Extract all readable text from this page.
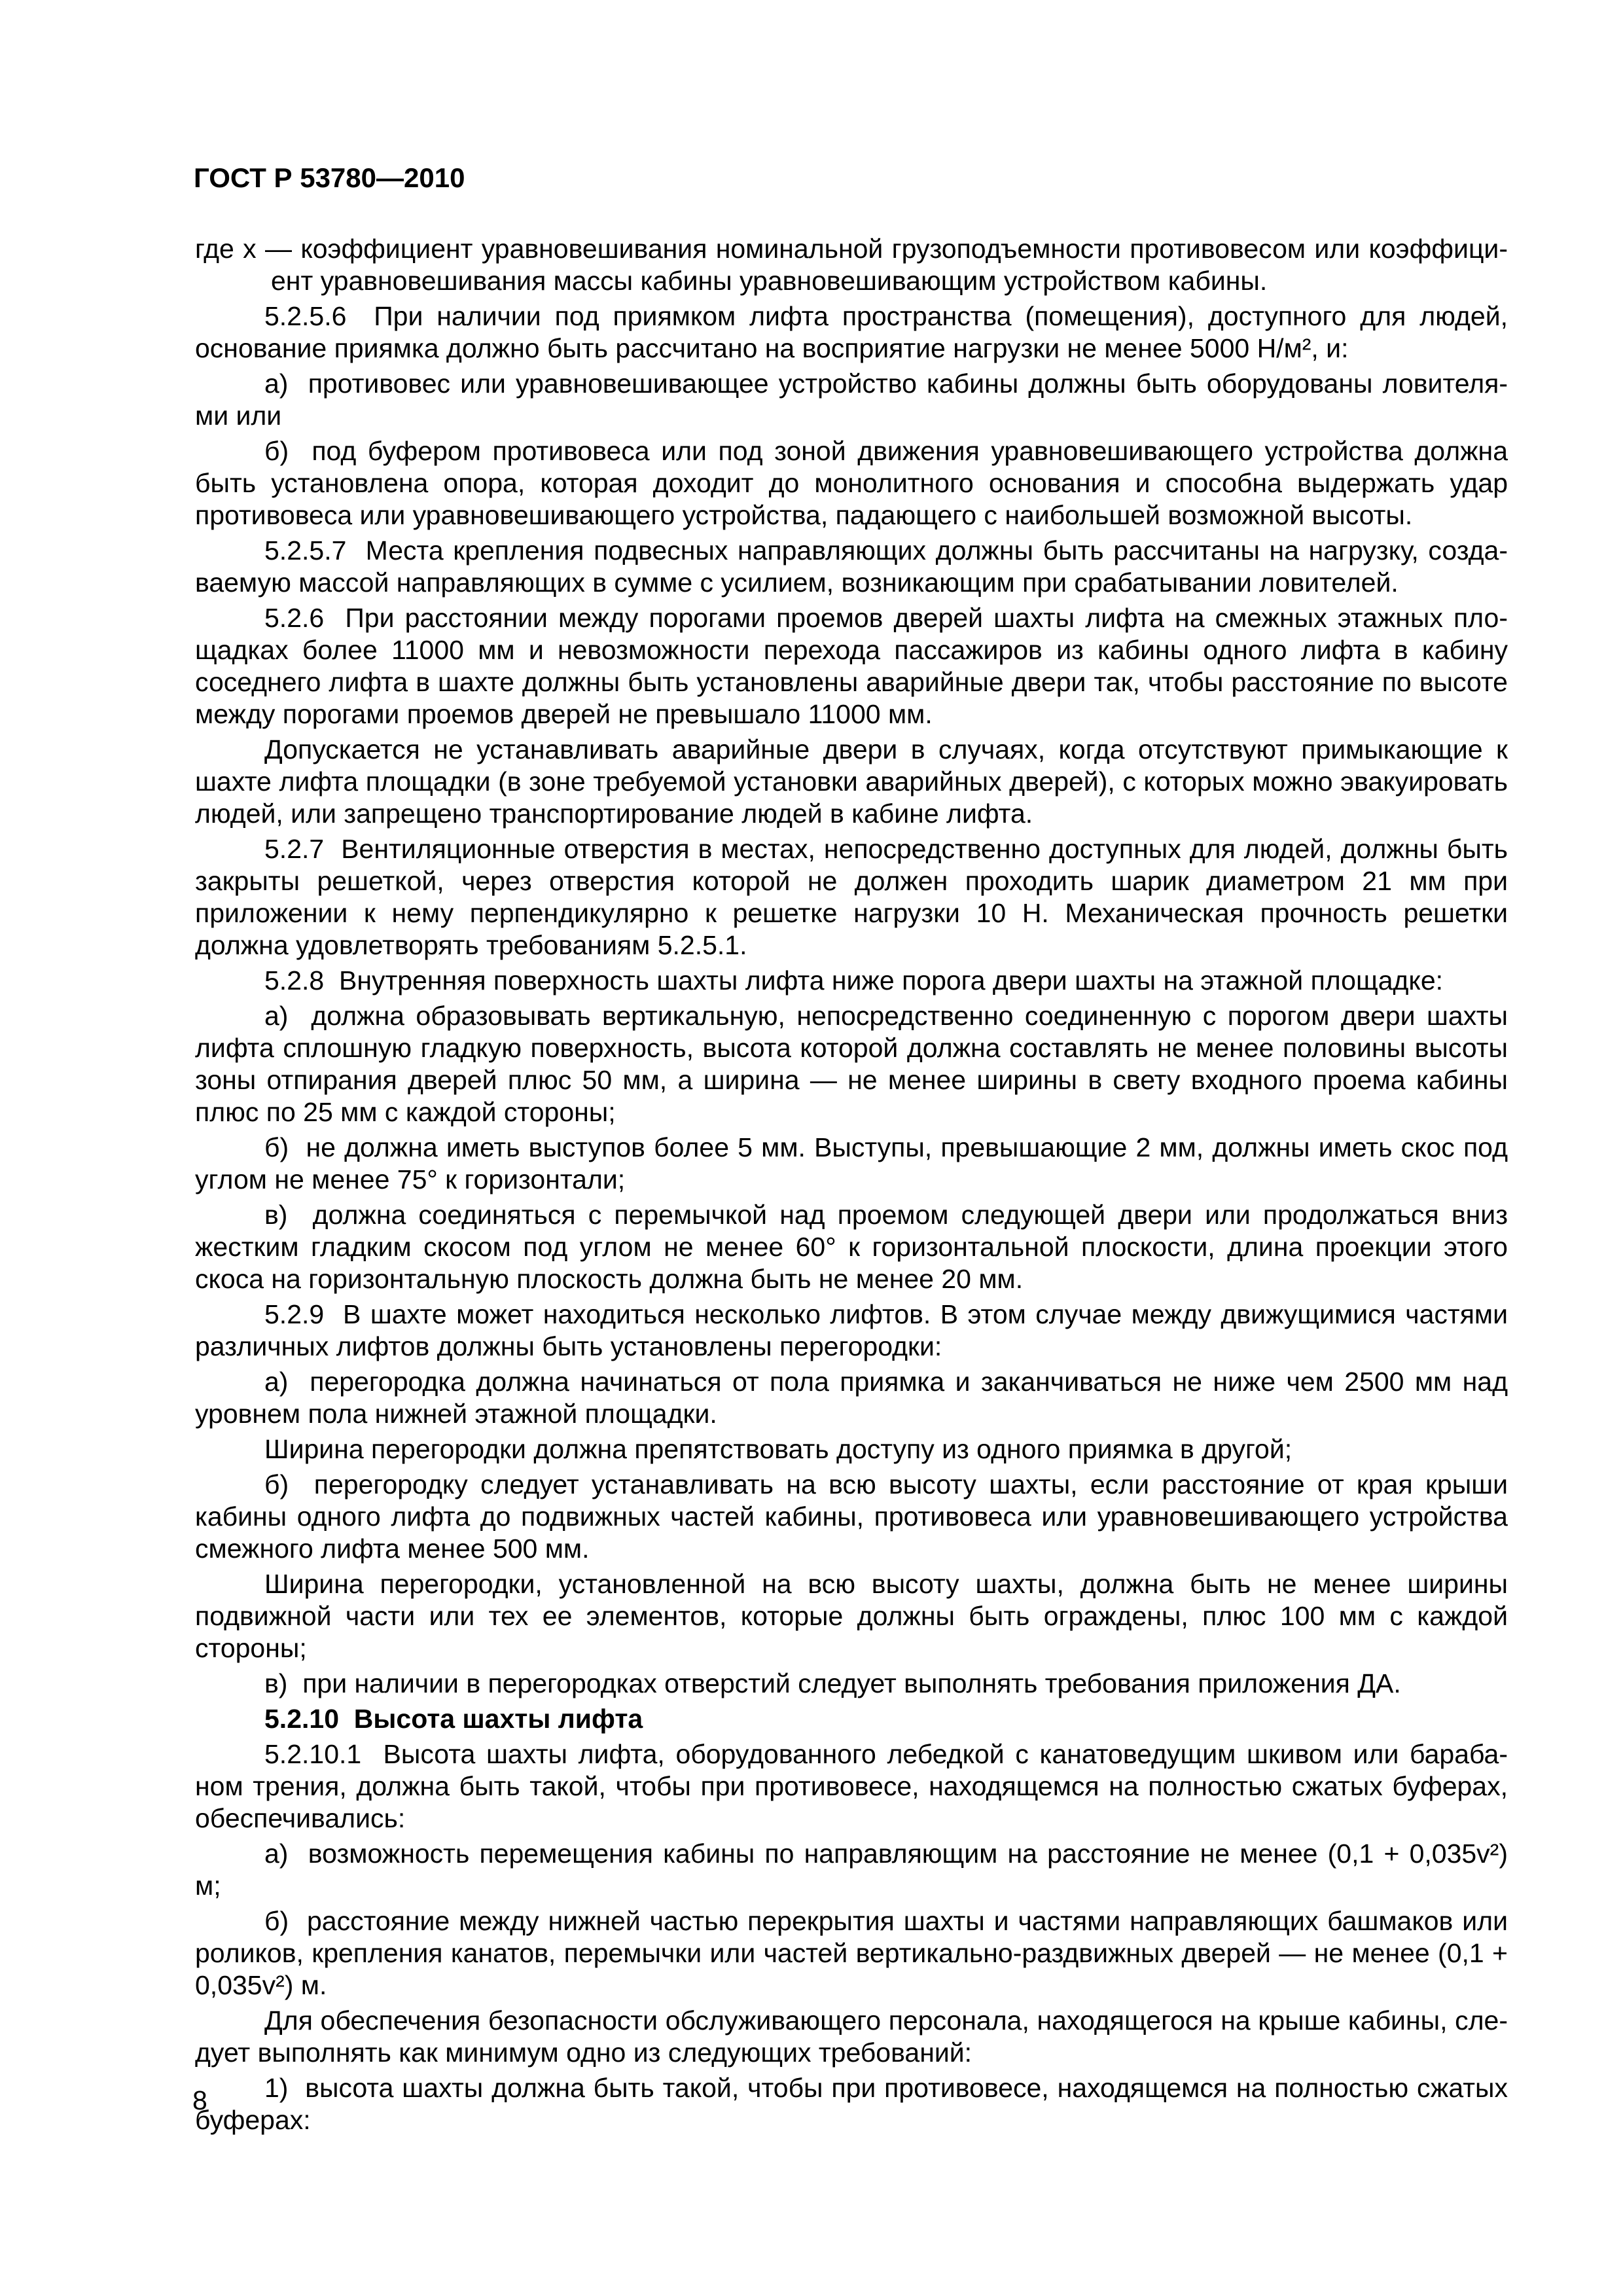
ГОСТ Р 53780—2010

где x — коэффициент уравновешивания номинальной грузоподъемности противовесом или коэффициент уравновешивания массы кабины уравновешивающим устройством кабины.

5.2.5.6  При наличии под приямком лифта пространства (помещения), доступного для людей, основание приямка должно быть рассчитано на восприятие нагрузки не менее 5000 Н/м², и:

а)  противовес или уравновешивающее устройство кабины должны быть оборудованы ловителями или

б)  под буфером противовеса или под зоной движения уравновешивающего устройства должна быть установлена опора, которая доходит до монолитного основания и способна выдержать удар противовеса или уравновешивающего устройства, падающего с наибольшей возможной высоты.

5.2.5.7  Места крепления подвесных направляющих должны быть рассчитаны на нагрузку, создаваемую массой направляющих в сумме с усилием, возникающим при срабатывании ловителей.

5.2.6  При расстоянии между порогами проемов дверей шахты лифта на смежных этажных площадках более 11000 мм и невозможности перехода пассажиров из кабины одного лифта в кабину соседнего лифта в шахте должны быть установлены аварийные двери так, чтобы расстояние по высоте между порогами проемов дверей не превышало 11000 мм.

Допускается не устанавливать аварийные двери в случаях, когда отсутствуют примыкающие к шахте лифта площадки (в зоне требуемой установки аварийных дверей), с которых можно эвакуировать людей, или запрещено транспортирование людей в кабине лифта.

5.2.7  Вентиляционные отверстия в местах, непосредственно доступных для людей, должны быть закрыты решеткой, через отверстия которой не должен проходить шарик диаметром 21 мм при приложении к нему перпендикулярно к решетке нагрузки 10 Н. Механическая прочность решетки должна удовлетворять требованиям 5.2.5.1.

5.2.8  Внутренняя поверхность шахты лифта ниже порога двери шахты на этажной площадке:

а)  должна образовывать вертикальную, непосредственно соединенную с порогом двери шахты лифта сплошную гладкую поверхность, высота которой должна составлять не менее половины высоты зоны отпирания дверей плюс 50 мм, а ширина — не менее ширины в свету входного проема кабины плюс по 25 мм с каждой стороны;

б)  не должна иметь выступов более 5 мм. Выступы, превышающие 2 мм, должны иметь скос под углом не менее 75° к горизонтали;

в)  должна соединяться с перемычкой над проемом следующей двери или продолжаться вниз жестким гладким скосом под углом не менее 60° к горизонтальной плоскости, длина проекции этого скоса на горизонтальную плоскость должна быть не менее 20 мм.

5.2.9  В шахте может находиться несколько лифтов. В этом случае между движущимися частями различных лифтов должны быть установлены перегородки:

а)  перегородка должна начинаться от пола приямка и заканчиваться не ниже чем 2500 мм над уровнем пола нижней этажной площадки.

Ширина перегородки должна препятствовать доступу из одного приямка в другой;

б)  перегородку следует устанавливать на всю высоту шахты, если расстояние от края крыши кабины одного лифта до подвижных частей кабины, противовеса или уравновешивающего устройства смежного лифта менее 500 мм.

Ширина перегородки, установленной на всю высоту шахты, должна быть не менее ширины подвижной части или тех ее элементов, которые должны быть ограждены, плюс 100 мм с каждой стороны;

в)  при наличии в перегородках отверстий следует выполнять требования приложения ДА.

5.2.10  Высота шахты лифта

5.2.10.1  Высота шахты лифта, оборудованного лебедкой с канатоведущим шкивом или барабаном трения, должна быть такой, чтобы при противовесе, находящемся на полностью сжатых буферах, обеспечивались:

а)  возможность перемещения кабины по направляющим на расстояние не менее (0,1 + 0,035v²) м;

б)  расстояние между нижней частью перекрытия шахты и частями направляющих башмаков или роликов, крепления канатов, перемычки или частей вертикально-раздвижных дверей — не менее (0,1 + 0,035v²) м.

Для обеспечения безопасности обслуживающего персонала, находящегося на крыше кабины, следует выполнять как минимум одно из следующих требований:

1)  высота шахты должна быть такой, чтобы при противовесе, находящемся на полностью сжатых буферах:

8
